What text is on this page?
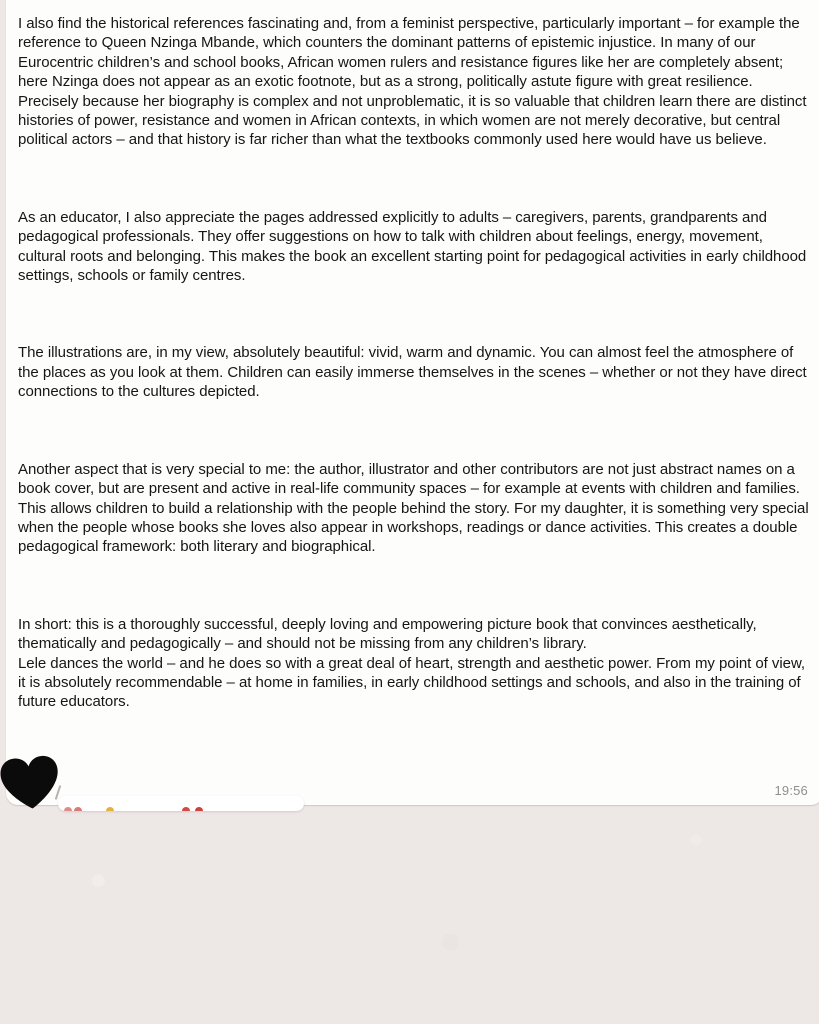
I also find the historical references fascinating and, from a feminist perspective, particularly important – for example the reference to Queen Nzinga Mbande, which counters the dominant patterns of epistemic injustice. In many of our Eurocentric children’s and school books, African women rulers and resistance figures like her are completely absent; here Nzinga does not appear as an exotic footnote, but as a strong, politically astute figure with great resilience. Precisely because her biography is complex and not unproblematic, it is so valuable that children learn there are distinct histories of power, resistance and women in African contexts, in which women are not merely decorative, but central political actors – and that history is far richer than what the textbooks commonly used here would have us believe.

As an educator, I also appreciate the pages addressed explicitly to adults – caregivers, parents, grandparents and pedagogical professionals. They offer suggestions on how to talk with children about feelings, energy, movement, cultural roots and belonging. This makes the book an excellent starting point for pedagogical activities in early childhood settings, schools or family centres.

The illustrations are, in my view, absolutely beautiful: vivid, warm and dynamic. You can almost feel the atmosphere of the places as you look at them. Children can easily immerse themselves in the scenes – whether or not they have direct connections to the cultures depicted.

Another aspect that is very special to me: the author, illustrator and other contributors are not just abstract names on a book cover, but are present and active in real-life community spaces – for example at events with children and families. This allows children to build a relationship with the people behind the story. For my daughter, it is something very special when the people whose books she loves also appear in workshops, readings or dance activities. This creates a double pedagogical framework: both literary and biographical.

In short: this is a thoroughly successful, deeply loving and empowering picture book that convinces aesthetically, thematically and pedagogically – and should not be missing from any children’s library.
Lele dances the world – and he does so with a great deal of heart, strength and aesthetic power. From my point of view, it is absolutely recommendable – at home in families, in early childhood settings and schools, and also in the training of future educators.

19:56
